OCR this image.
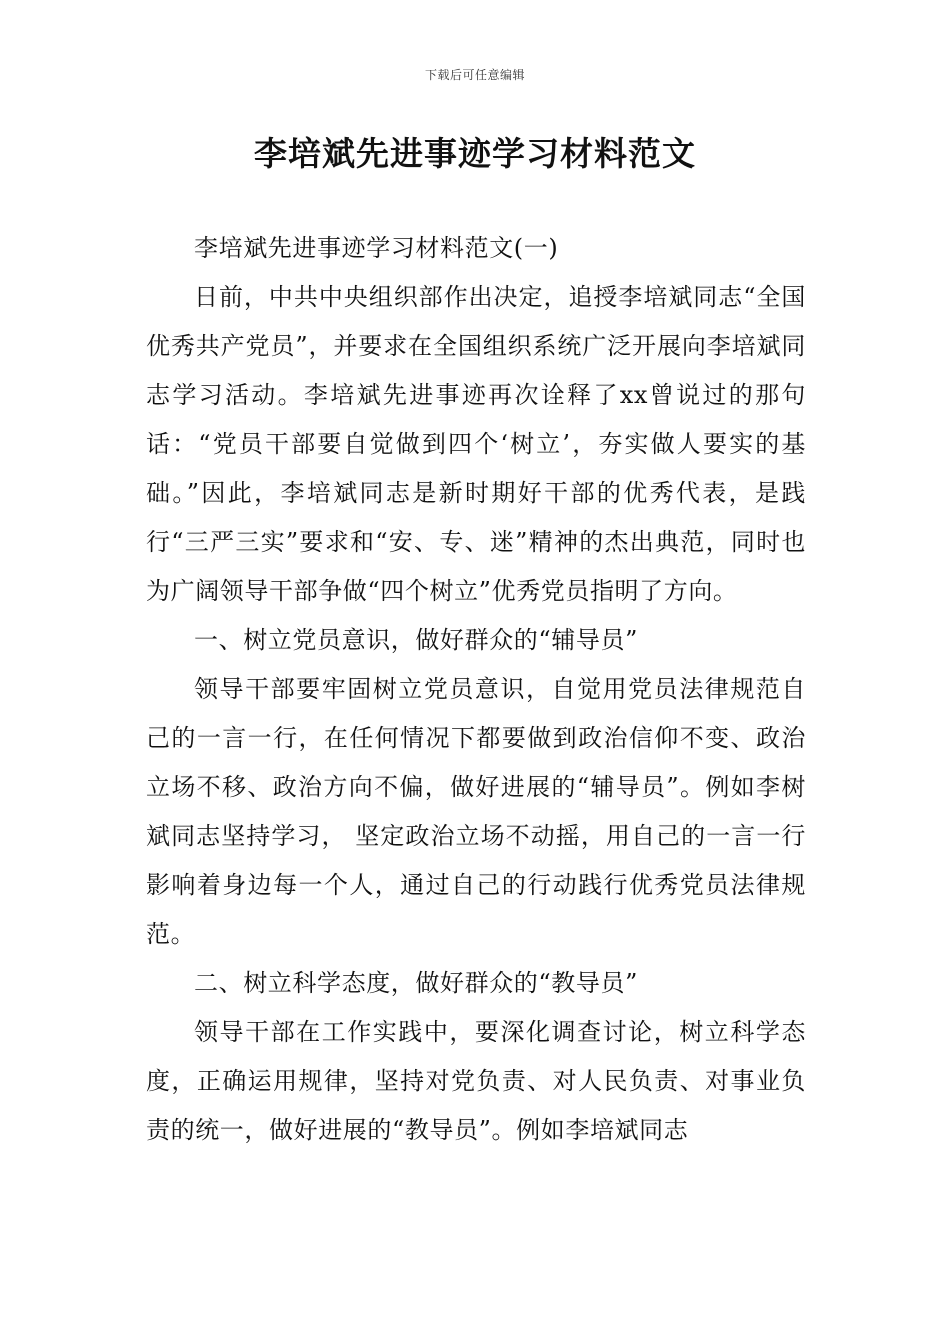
下载后可任意编辑
李培斌先进事迹学习材料范文

李培斌先进事迹学习材料范文(一)

日前，中共中央组织部作出决定，追授李培斌同志“全国优秀共产党员”，并要求在全国组织系统广泛开展向李培斌同志学习活动。李培斌先进事迹再次诠释了xx曾说过的那句话：“党员干部要自觉做到四个‘树立’，夯实做人要实的基础。”因此，李培斌同志是新时期好干部的优秀代表，是践行“三严三实”要求和“安、专、迷”精神的杰出典范，同时也为广阔领导干部争做“四个树立”优秀党员指明了方向。

一、树立党员意识，做好群众的“辅导员”

领导干部要牢固树立党员意识，自觉用党员法律规范自己的一言一行，在任何情况下都要做到政治信仰不变、政治立场不移、政治方向不偏，做好进展的“辅导员”。例如李树斌同志坚持学习， 坚定政治立场不动摇，用自己的一言一行影响着身边每一个人，通过自己的行动践行优秀党员法律规范。

二、树立科学态度，做好群众的“教导员”

领导干部在工作实践中，要深化调查讨论，树立科学态度，正确运用规律，坚持对党负责、对人民负责、对事业负责的统一，做好进展的“教导员”。例如李培斌同志
